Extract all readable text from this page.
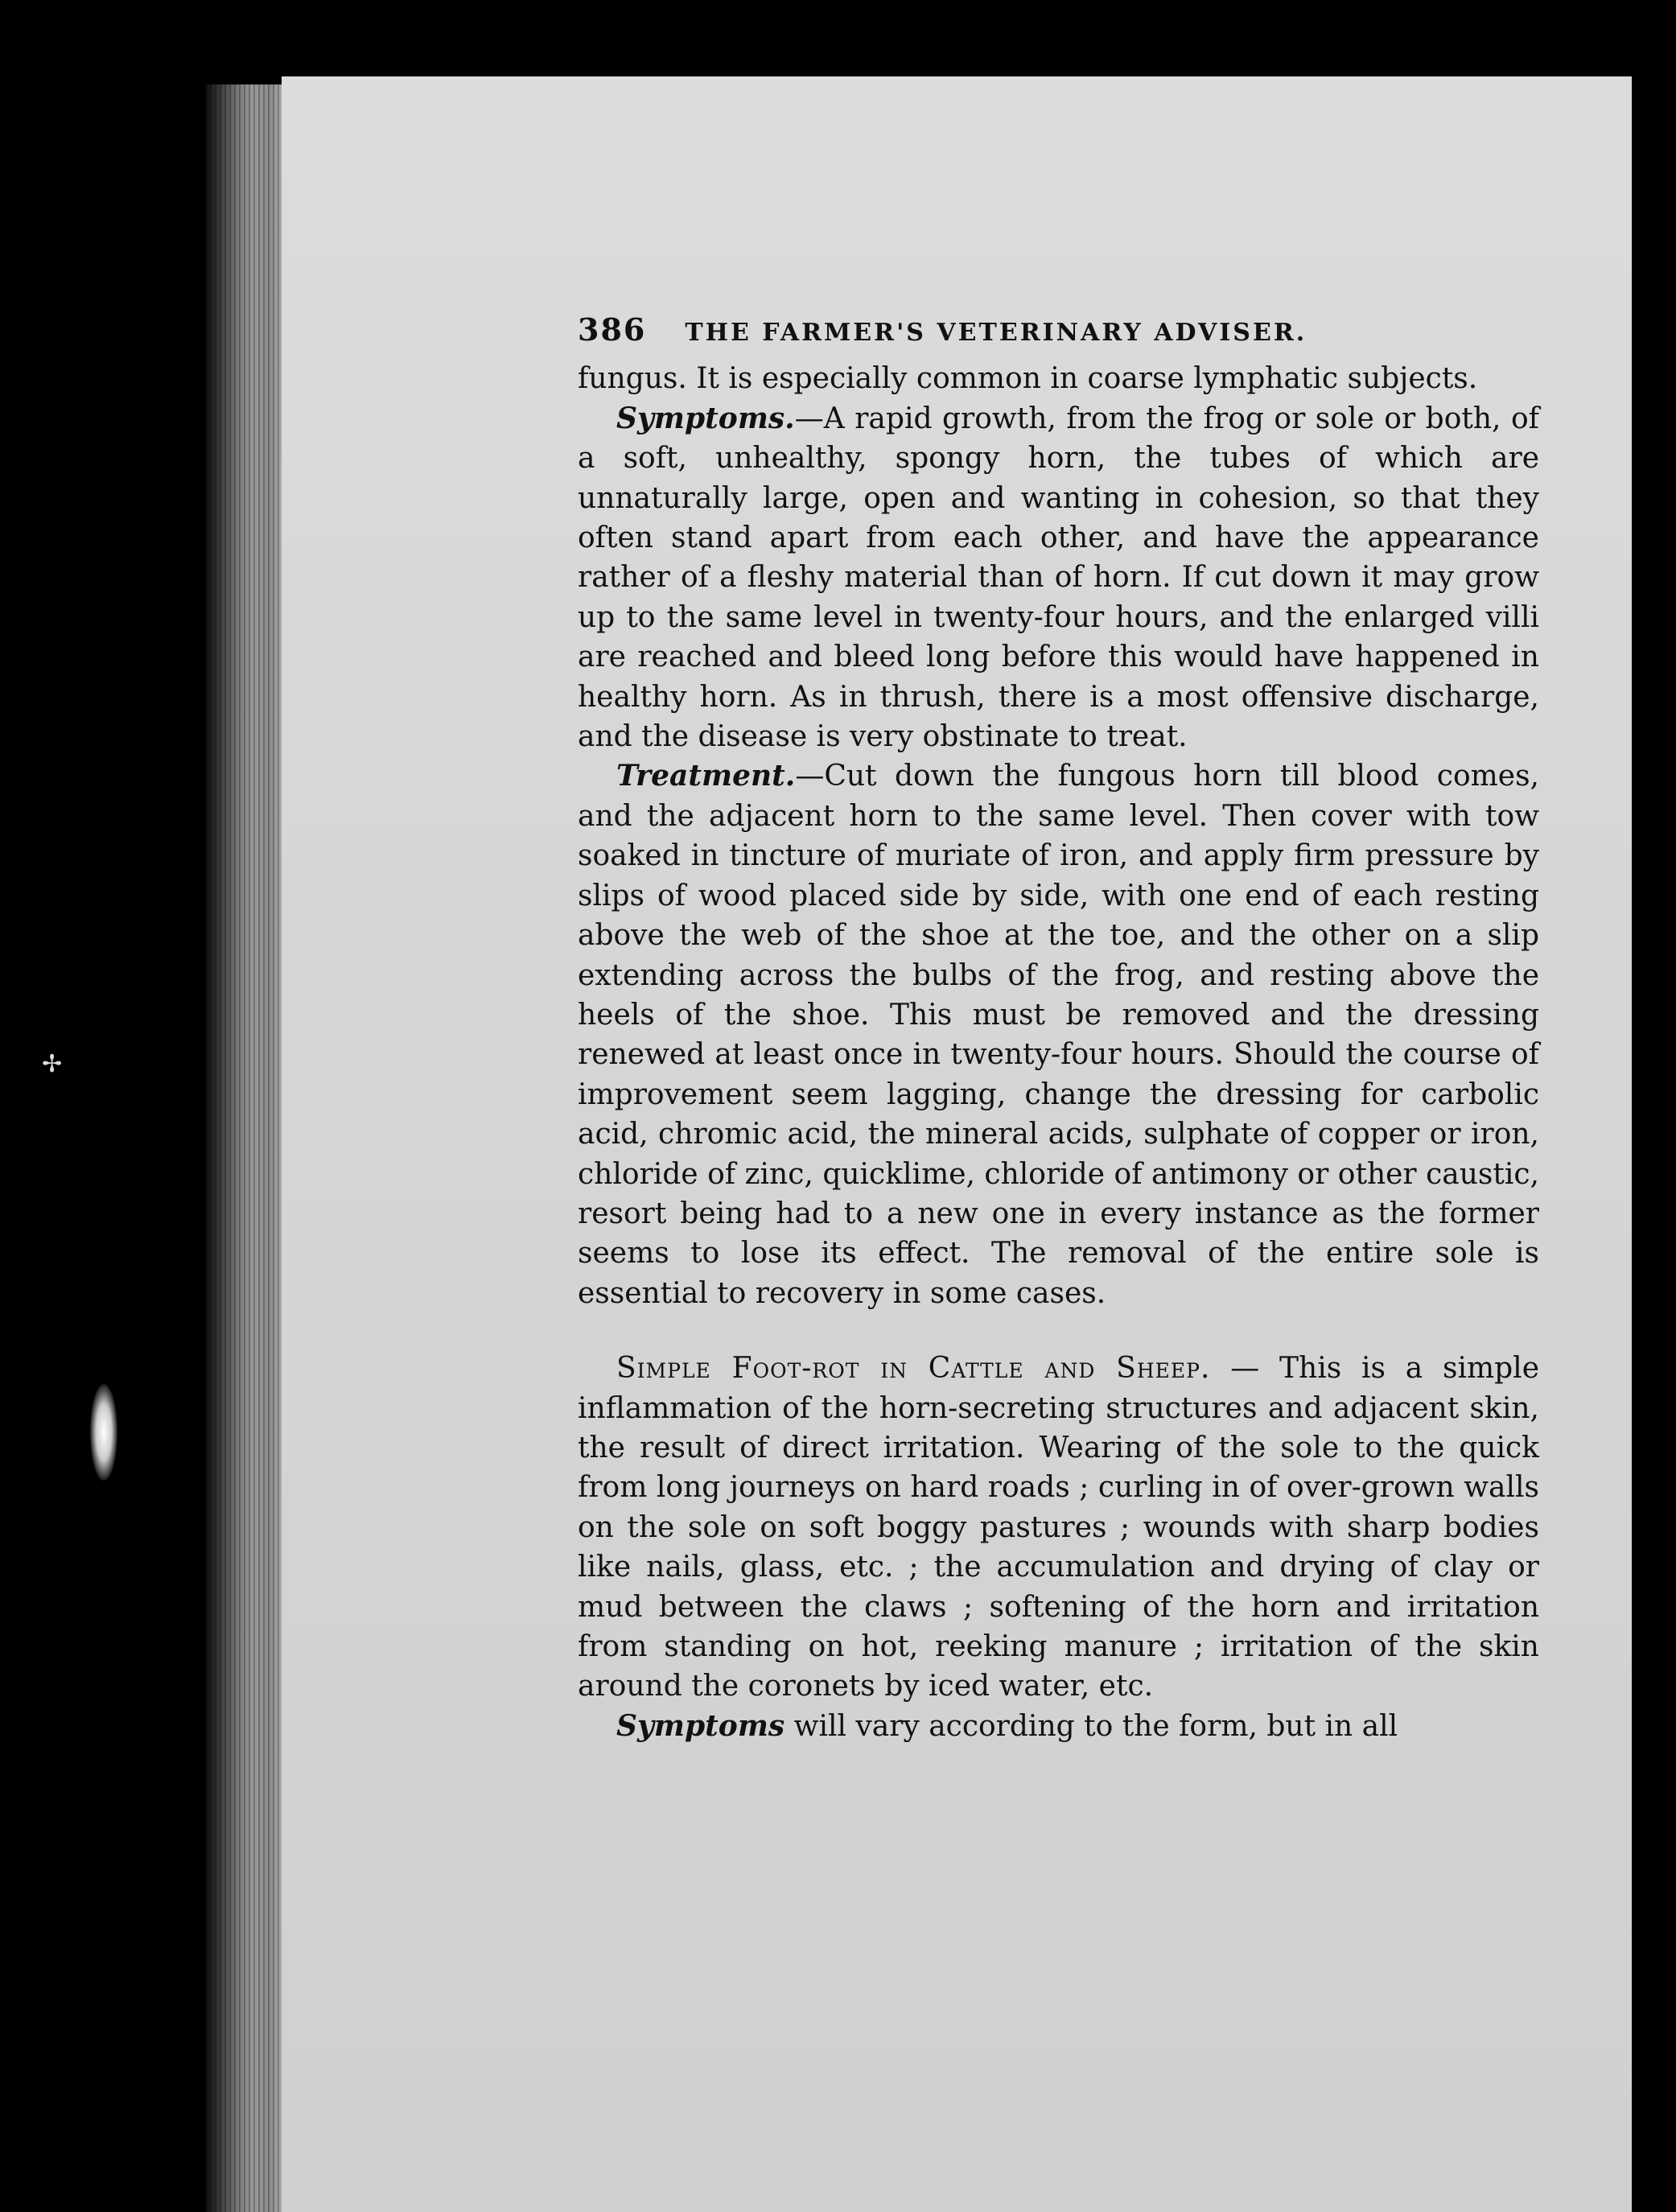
✢
386 THE FARMER'S VETERINARY ADVISER.

fungus. It is especially common in coarse lymphatic subjects.

Symptoms.—A rapid growth, from the frog or sole or both, of a soft, unhealthy, spongy horn, the tubes of which are unnaturally large, open and wanting in cohesion, so that they often stand apart from each other, and have the appearance rather of a fleshy material than of horn. If cut down it may grow up to the same level in twenty-four hours, and the enlarged villi are reached and bleed long before this would have happened in healthy horn. As in thrush, there is a most offensive discharge, and the disease is very obstinate to treat.

Treatment.—Cut down the fungous horn till blood comes, and the adjacent horn to the same level. Then cover with tow soaked in tincture of muriate of iron, and apply firm pressure by slips of wood placed side by side, with one end of each resting above the web of the shoe at the toe, and the other on a slip extending across the bulbs of the frog, and resting above the heels of the shoe. This must be removed and the dressing renewed at least once in twenty-four hours. Should the course of improvement seem lagging, change the dressing for carbolic acid, chromic acid, the mineral acids, sulphate of copper or iron, chloride of zinc, quicklime, chloride of antimony or other caustic, resort being had to a new one in every instance as the former seems to lose its effect. The removal of the entire sole is essential to recovery in some cases.

Simple Foot-rot in Cattle and Sheep. — This is a simple inflammation of the horn-secreting structures and adjacent skin, the result of direct irritation. Wearing of the sole to the quick from long journeys on hard roads ; curling in of over-grown walls on the sole on soft boggy pastures ; wounds with sharp bodies like nails, glass, etc. ; the accumulation and drying of clay or mud between the claws ; softening of the horn and irritation from standing on hot, reeking manure ; irritation of the skin around the coronets by iced water, etc.

Symptoms will vary according to the form, but in all
